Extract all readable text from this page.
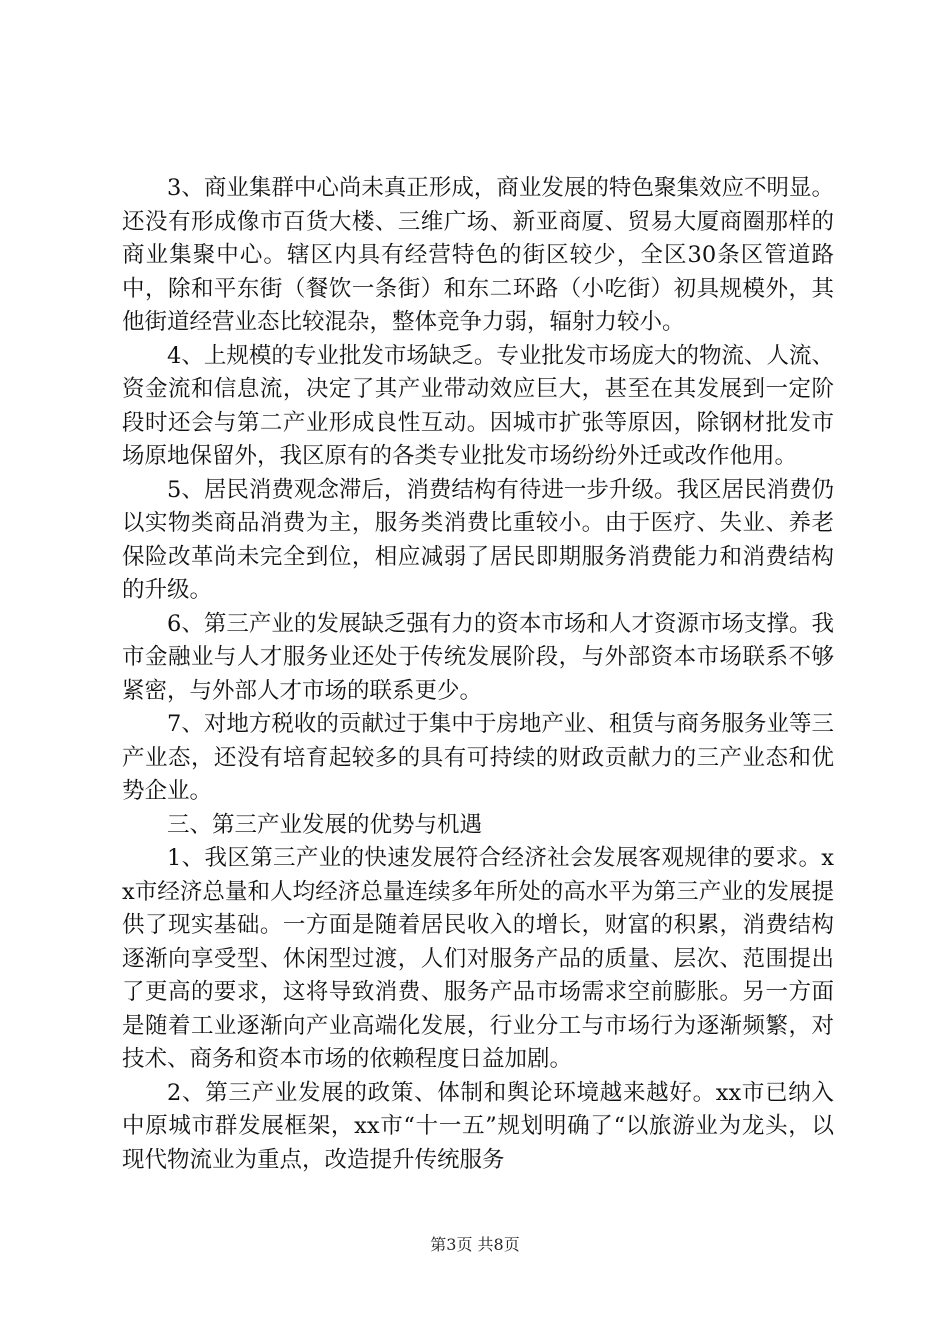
3、商业集群中心尚未真正形成，商业发展的特色聚集效应不明显。还没有形成像市百货大楼、三维广场、新亚商厦、贸易大厦商圈那样的商业集聚中心。辖区内具有经营特色的街区较少，全区30条区管道路中，除和平东街（餐饮一条街）和东二环路（小吃街）初具规模外，其他街道经营业态比较混杂，整体竞争力弱，辐射力较小。

4、上规模的专业批发市场缺乏。专业批发市场庞大的物流、人流、资金流和信息流，决定了其产业带动效应巨大，甚至在其发展到一定阶段时还会与第二产业形成良性互动。因城市扩张等原因，除钢材批发市场原地保留外，我区原有的各类专业批发市场纷纷外迁或改作他用。

5、居民消费观念滞后，消费结构有待进一步升级。我区居民消费仍以实物类商品消费为主，服务类消费比重较小。由于医疗、失业、养老保险改革尚未完全到位，相应减弱了居民即期服务消费能力和消费结构的升级。

6、第三产业的发展缺乏强有力的资本市场和人才资源市场支撑。我市金融业与人才服务业还处于传统发展阶段，与外部资本市场联系不够紧密，与外部人才市场的联系更少。

7、对地方税收的贡献过于集中于房地产业、租赁与商务服务业等三产业态，还没有培育起较多的具有可持续的财政贡献力的三产业态和优势企业。

三、第三产业发展的优势与机遇

1、我区第三产业的快速发展符合经济社会发展客观规律的要求。xx市经济总量和人均经济总量连续多年所处的高水平为第三产业的发展提供了现实基础。一方面是随着居民收入的增长，财富的积累，消费结构逐渐向享受型、休闲型过渡，人们对服务产品的质量、层次、范围提出了更高的要求，这将导致消费、服务产品市场需求空前膨胀。另一方面是随着工业逐渐向产业高端化发展，行业分工与市场行为逐渐频繁，对技术、商务和资本市场的依赖程度日益加剧。

2、第三产业发展的政策、体制和舆论环境越来越好。xx市已纳入中原城市群发展框架，xx市“十一五”规划明确了“以旅游业为龙头，以现代物流业为重点，改造提升传统服务

第3页 共8页
